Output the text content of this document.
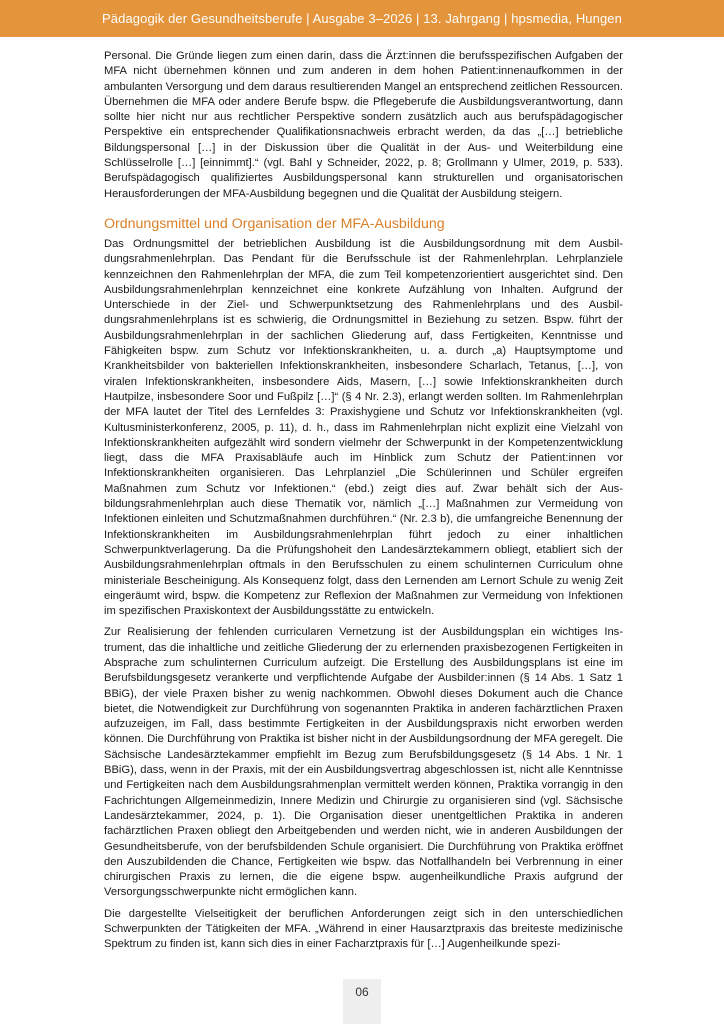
Pädagogik der Gesundheitsberufe | Ausgabe 3–2026 | 13. Jahrgang | hpsmedia, Hungen

Personal. Die Gründe liegen zum einen darin, dass die Ärzt:innen die berufsspezifischen Aufgaben der MFA nicht übernehmen können und zum anderen in dem hohen Patient:innenaufkommen in der ambulanten Versorgung und dem daraus resultierenden Mangel an entsprechend zeitlichen Ressourcen. Übernehmen die MFA oder andere Berufe bspw. die Pflegeberufe die Ausbildungsverantwortung, dann sollte hier nicht nur aus rechtlicher Perspektive sondern zusätzlich auch aus berufspädagogischer Perspektive ein entsprechender Qualifikationsnachweis erbracht werden, da das „[…] betriebliche Bildungspersonal […] in der Diskussion über die Qualität in der Aus- und Weiterbildung eine Schlüsselrolle […] [einnimmt].“ (vgl. Bahl y Schneider, 2022, p. 8; Grollmann y Ulmer, 2019, p. 533). Berufspädagogisch qualifiziertes Ausbildungspersonal kann strukturellen und organisatorischen Herausforderungen der MFA-Ausbildung begegnen und die Qualität der Ausbildung steigern.

Ordnungsmittel und Organisation der MFA-Ausbildung

Das Ordnungsmittel der betrieblichen Ausbildung ist die Ausbildungsordnung mit dem Ausbildungsrahmenlehrplan. Das Pendant für die Berufsschule ist der Rahmenlehrplan. Lehrplanziele kennzeichnen den Rahmenlehrplan der MFA, die zum Teil kompetenzorientiert ausgerichtet sind. Den Ausbildungsrahmenlehrplan kennzeichnet eine konkrete Aufzählung von Inhalten. Aufgrund der Unterschiede in der Ziel- und Schwerpunktsetzung des Rahmenlehrplans und des Ausbildungsrahmenlehrplans ist es schwierig, die Ordnungsmittel in Beziehung zu setzen. Bspw. führt der Ausbildungsrahmenlehrplan in der sachlichen Gliederung auf, dass Fertigkeiten, Kenntnisse und Fähigkeiten bspw. zum Schutz vor Infektionskrankheiten, u. a. durch „a) Hauptsymptome und Krankheitsbilder von bakteriellen Infektionskrankheiten, insbesondere Scharlach, Tetanus, […], von viralen Infektionskrankheiten, insbesondere Aids, Masern, […] sowie Infektionskrankheiten durch Hautpilze, insbesondere Soor und Fußpilz […]“ (§ 4 Nr. 2.3), erlangt werden sollten. Im Rahmenlehrplan der MFA lautet der Titel des Lernfeldes 3: Praxishygiene und Schutz vor Infektionskrankheiten (vgl. Kultusministerkonferenz, 2005, p. 11), d. h., dass im Rahmenlehrplan nicht explizit eine Vielzahl von Infektionskrankheiten aufgezählt wird sondern vielmehr der Schwerpunkt in der Kompetenzentwicklung liegt, dass die MFA Praxisabläufe auch im Hinblick zum Schutz der Patient:innen vor Infektionskrankheiten organisieren. Das Lehrplanziel „Die Schülerinnen und Schüler ergreifen Maßnahmen zum Schutz vor Infektionen.“ (ebd.) zeigt dies auf. Zwar behält sich der Ausbildungsrahmenlehrplan auch diese Thematik vor, nämlich „[…] Maßnahmen zur Vermeidung von Infektionen einleiten und Schutzmaßnahmen durchführen.“ (Nr. 2.3 b), die umfangreiche Benennung der Infektionskrankheiten im Ausbildungsrahmenlehrplan führt jedoch zu einer inhaltlichen Schwerpunktverlagerung. Da die Prüfungshoheit den Landesärztekammern obliegt, etabliert sich der Ausbildungsrahmenlehrplan oftmals in den Berufsschulen zu einem schulinternen Curriculum ohne ministeriale Bescheinigung. Als Konsequenz folgt, dass den Lernenden am Lernort Schule zu wenig Zeit eingeräumt wird, bspw. die Kompetenz zur Reflexion der Maßnahmen zur Vermeidung von Infektionen im spezifischen Praxiskontext der Ausbildungsstätte zu entwickeln.

Zur Realisierung der fehlenden curricularen Vernetzung ist der Ausbildungsplan ein wichtiges Instrument, das die inhaltliche und zeitliche Gliederung der zu erlernenden praxisbezogenen Fertigkeiten in Absprache zum schulinternen Curriculum aufzeigt. Die Erstellung des Ausbildungsplans ist eine im Berufsbildungsgesetz verankerte und verpflichtende Aufgabe der Ausbilder:innen (§ 14 Abs. 1 Satz 1 BBiG), der viele Praxen bisher zu wenig nachkommen. Obwohl dieses Dokument auch die Chance bietet, die Notwendigkeit zur Durchführung von sogenannten Praktika in anderen fachärztlichen Praxen aufzuzeigen, im Fall, dass bestimmte Fertigkeiten in der Ausbildungspraxis nicht erworben werden können. Die Durchführung von Praktika ist bisher nicht in der Ausbildungsordnung der MFA geregelt. Die Sächsische Landesärztekammer empfiehlt im Bezug zum Berufsbildungsgesetz (§ 14 Abs. 1 Nr. 1 BBiG), dass, wenn in der Praxis, mit der ein Ausbildungsvertrag abgeschlossen ist, nicht alle Kenntnisse und Fertigkeiten nach dem Ausbildungsrahmenplan vermittelt werden können, Praktika vorrangig in den Fachrichtungen Allgemeinmedizin, Innere Medizin und Chirurgie zu organisieren sind (vgl. Sächsische Landesärztekammer, 2024, p. 1). Die Organisation dieser unentgeltlichen Praktika in anderen fachärztlichen Praxen obliegt den Arbeitgebenden und werden nicht, wie in anderen Ausbildungen der Gesundheitsberufe, von der berufsbildenden Schule organisiert. Die Durchführung von Praktika eröffnet den Auszubildenden die Chance, Fertigkeiten wie bspw. das Notfallhandeln bei Verbrennung in einer chirurgischen Praxis zu lernen, die die eigene bspw. augenheilkundliche Praxis aufgrund der Versorgungsschwerpunkte nicht ermöglichen kann.

Die dargestellte Vielseitigkeit der beruflichen Anforderungen zeigt sich in den unterschiedlichen Schwerpunkten der Tätigkeiten der MFA. „Während in einer Hausarztpraxis das breiteste medizinische Spektrum zu finden ist, kann sich dies in einer Facharztpraxis für […] Augenheilkunde spezi-

06
